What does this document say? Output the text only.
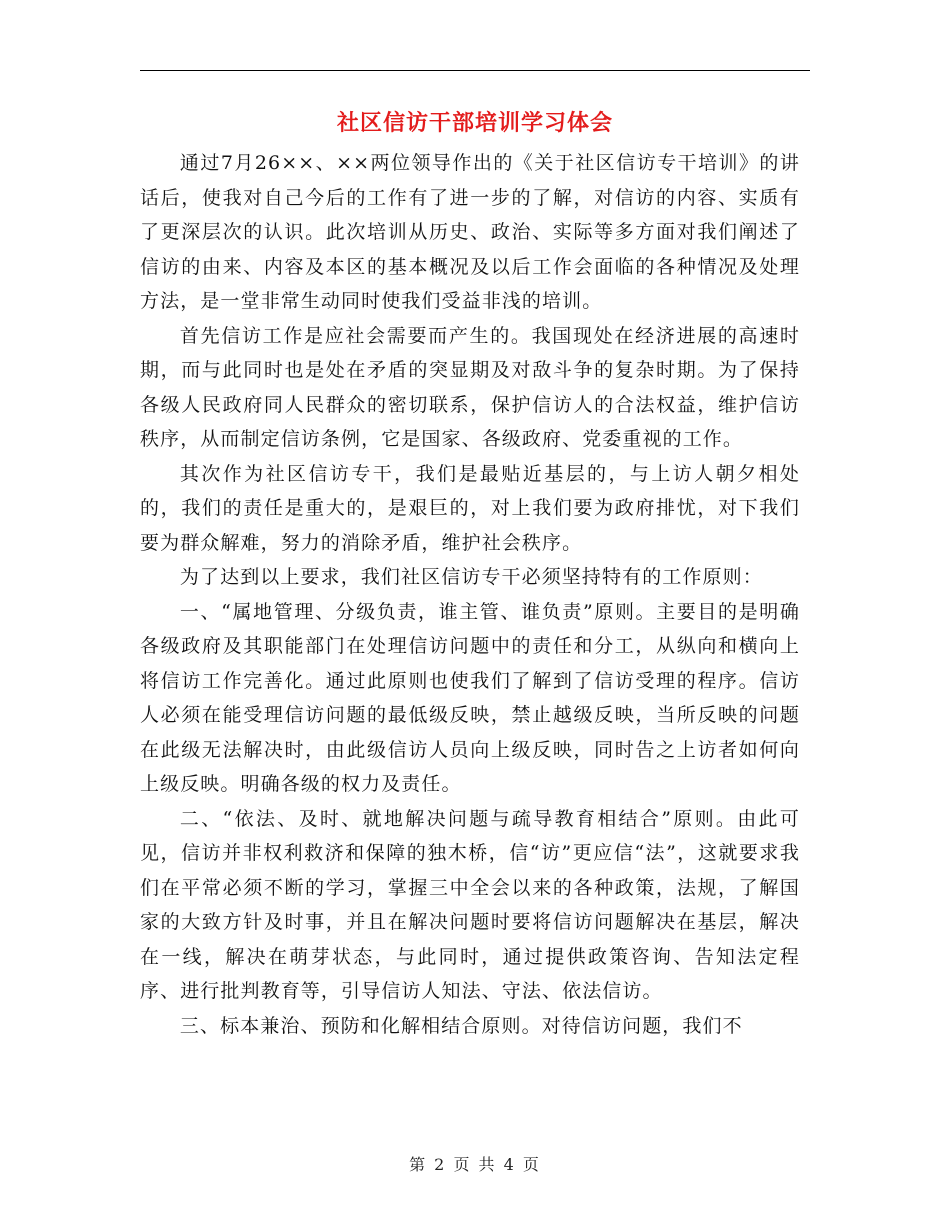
社区信访干部培训学习体会

通过7月26××、××两位领导作出的《关于社区信访专干培训》的讲话后，使我对自己今后的工作有了进一步的了解，对信访的内容、实质有了更深层次的认识。此次培训从历史、政治、实际等多方面对我们阐述了信访的由来、内容及本区的基本概况及以后工作会面临的各种情况及处理方法，是一堂非常生动同时使我们受益非浅的培训。

首先信访工作是应社会需要而产生的。我国现处在经济进展的高速时期，而与此同时也是处在矛盾的突显期及对敌斗争的复杂时期。为了保持各级人民政府同人民群众的密切联系，保护信访人的合法权益，维护信访秩序，从而制定信访条例，它是国家、各级政府、党委重视的工作。

其次作为社区信访专干，我们是最贴近基层的，与上访人朝夕相处的，我们的责任是重大的，是艰巨的，对上我们要为政府排忧，对下我们要为群众解难，努力的消除矛盾，维护社会秩序。

为了达到以上要求，我们社区信访专干必须坚持特有的工作原则：

一、“属地管理、分级负责，谁主管、谁负责”原则。主要目的是明确各级政府及其职能部门在处理信访问题中的责任和分工，从纵向和横向上将信访工作完善化。通过此原则也使我们了解到了信访受理的程序。信访人必须在能受理信访问题的最低级反映，禁止越级反映，当所反映的问题在此级无法解决时，由此级信访人员向上级反映，同时告之上访者如何向上级反映。明确各级的权力及责任。

二、“依法、及时、就地解决问题与疏导教育相结合”原则。由此可见，信访并非权利救济和保障的独木桥，信“访”更应信“法”，这就要求我们在平常必须不断的学习，掌握三中全会以来的各种政策，法规，了解国家的大致方针及时事，并且在解决问题时要将信访问题解决在基层，解决在一线，解决在萌芽状态，与此同时，通过提供政策咨询、告知法定程序、进行批判教育等，引导信访人知法、守法、依法信访。

三、标本兼治、预防和化解相结合原则。对待信访问题，我们不

第 2 页 共 4 页
